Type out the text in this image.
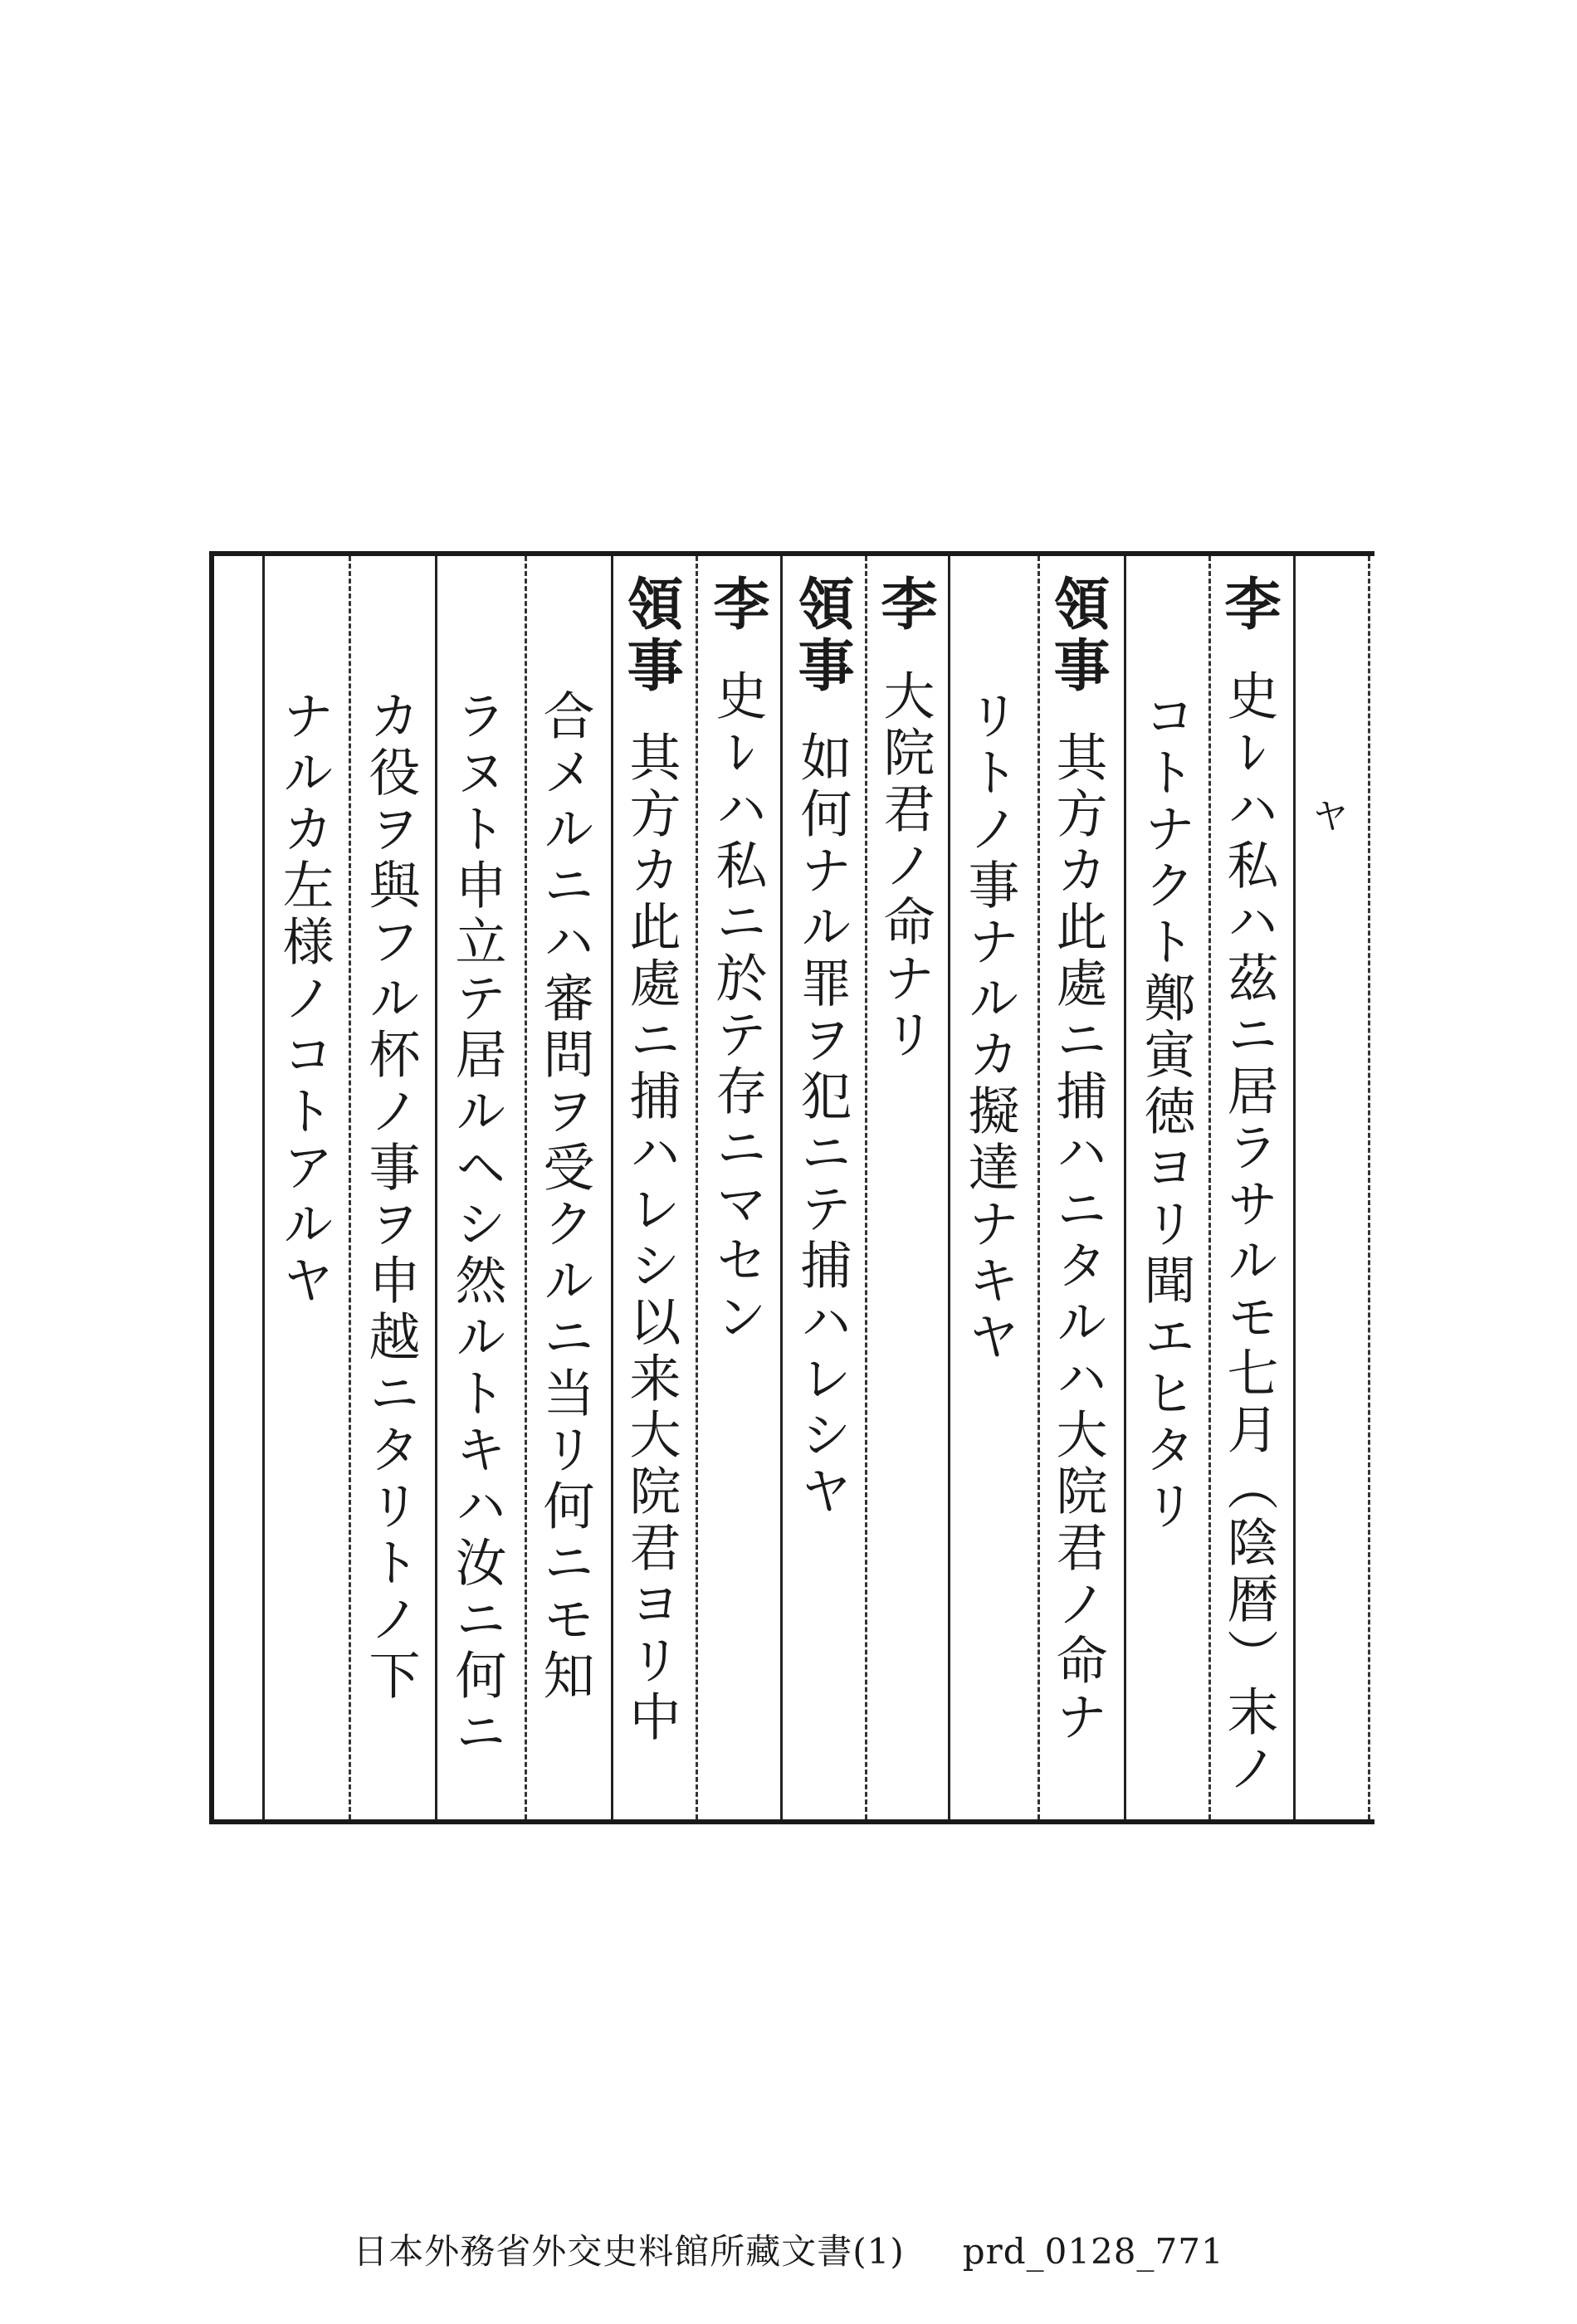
李史ﾚハ私ハ茲ニ居ラサルモ七月（陰暦）末ノ
コトナクト鄭寅徳ヨリ聞エヒタリ
領事其方カ此處ニ捕ハニタルハ大院君ノ命ナ
リトノ事ナルカ擬達ナキヤ
李大院君ノ命ナリ
領事如何ナル罪ヲ犯ニテ捕ハレシヤ
李史ﾚハ私ニ於テ存ニマセン
領事其方カ此處ニ捕ハレシ以来大院君ヨリ中
合メルニハ審問ヲ受クルニ当リ何ニモ知
ラヌト申立テ居ルヘシ然ルトキハ汝ニ何ニ
カ役ヲ與フル杯ノ事ヲ申越ニタリトノ下
ナルカ左様ノコトアルヤ	ヤ
日本外務省外交史料館所藏文書(1) prd_0128_771
